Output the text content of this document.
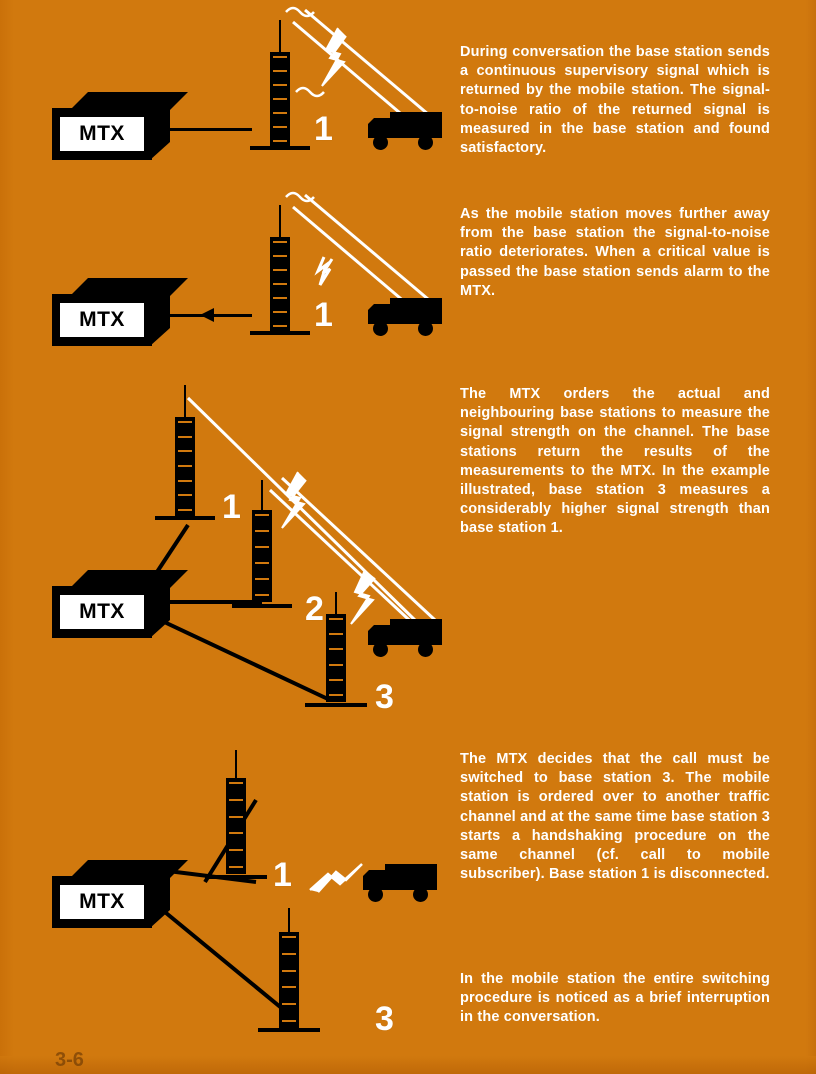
MTX	1
During conversation the base station sends a continuous supervisory signal which is returned by the mobile station. The signal-to-noise ratio of the returned signal is measured in the base station and found satisfactory.
MTX	1
As the mobile station moves further away from the base station the signal-to-noise ratio deteriorates. When a critical value is passed the base station sends alarm to the MTX.
MTX
1
2
3
The MTX orders the actual and neighbouring base stations to measure the signal strength on the channel. The base stations return the results of the measurements to the MTX. In the example illustrated, base station 3 measures a considerably higher signal strength than base station 1.
MTX
1
3
The MTX decides that the call must be switched to base station 3. The mobile station is ordered over to another traffic channel and at the same time base station 3 starts a handshaking procedure on the same channel (cf. call to mobile subscriber). Base station 1 is disconnected.
In the mobile station the entire switching procedure is noticed as a brief interruption in the conversation.
3-6
